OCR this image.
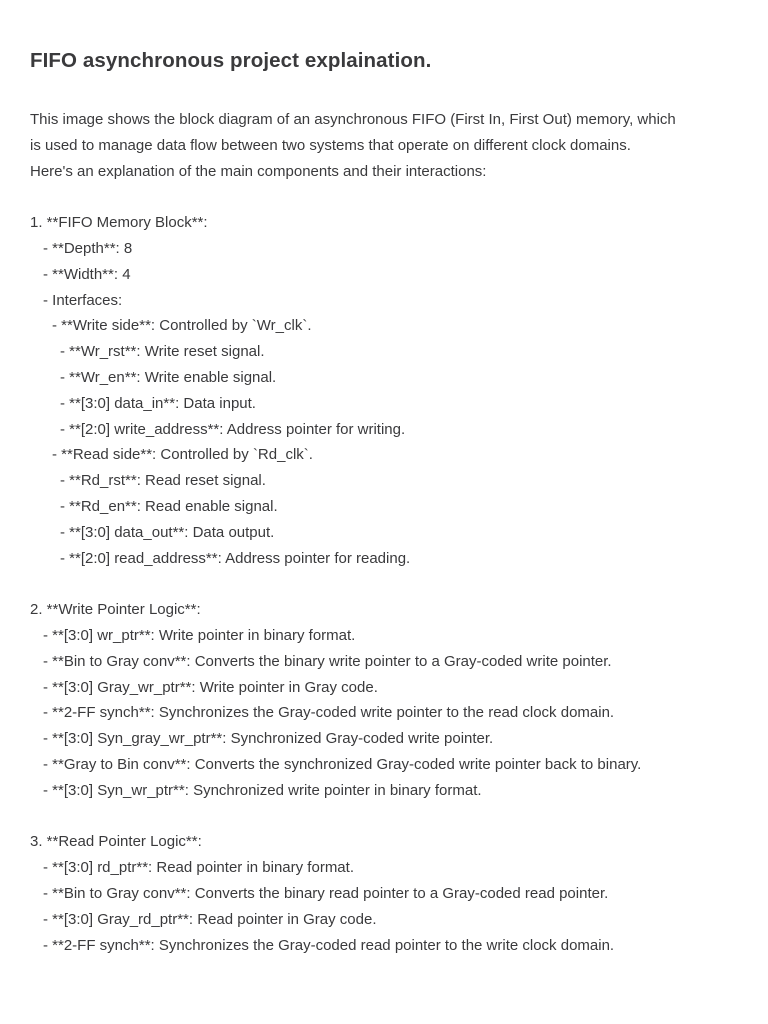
FIFO asynchronous project explaination.
This image shows the block diagram of an asynchronous FIFO (First In, First Out) memory, which
is used to manage data flow between two systems that operate on different clock domains.
Here's an explanation of the main components and their interactions:
1. **FIFO Memory Block**:
- **Depth**: 8
- **Width**: 4
- Interfaces:
- **Write side**: Controlled by `Wr_clk`.
- **Wr_rst**: Write reset signal.
- **Wr_en**: Write enable signal.
- **[3:0] data_in**: Data input.
- **[2:0] write_address**: Address pointer for writing.
- **Read side**: Controlled by `Rd_clk`.
- **Rd_rst**: Read reset signal.
- **Rd_en**: Read enable signal.
- **[3:0] data_out**: Data output.
- **[2:0] read_address**: Address pointer for reading.
2. **Write Pointer Logic**:
- **[3:0] wr_ptr**: Write pointer in binary format.
- **Bin to Gray conv**: Converts the binary write pointer to a Gray-coded write pointer.
- **[3:0] Gray_wr_ptr**: Write pointer in Gray code.
- **2-FF synch**: Synchronizes the Gray-coded write pointer to the read clock domain.
- **[3:0] Syn_gray_wr_ptr**: Synchronized Gray-coded write pointer.
- **Gray to Bin conv**: Converts the synchronized Gray-coded write pointer back to binary.
- **[3:0] Syn_wr_ptr**: Synchronized write pointer in binary format.
3. **Read Pointer Logic**:
- **[3:0] rd_ptr**: Read pointer in binary format.
- **Bin to Gray conv**: Converts the binary read pointer to a Gray-coded read pointer.
- **[3:0] Gray_rd_ptr**: Read pointer in Gray code.
- **2-FF synch**: Synchronizes the Gray-coded read pointer to the write clock domain.
